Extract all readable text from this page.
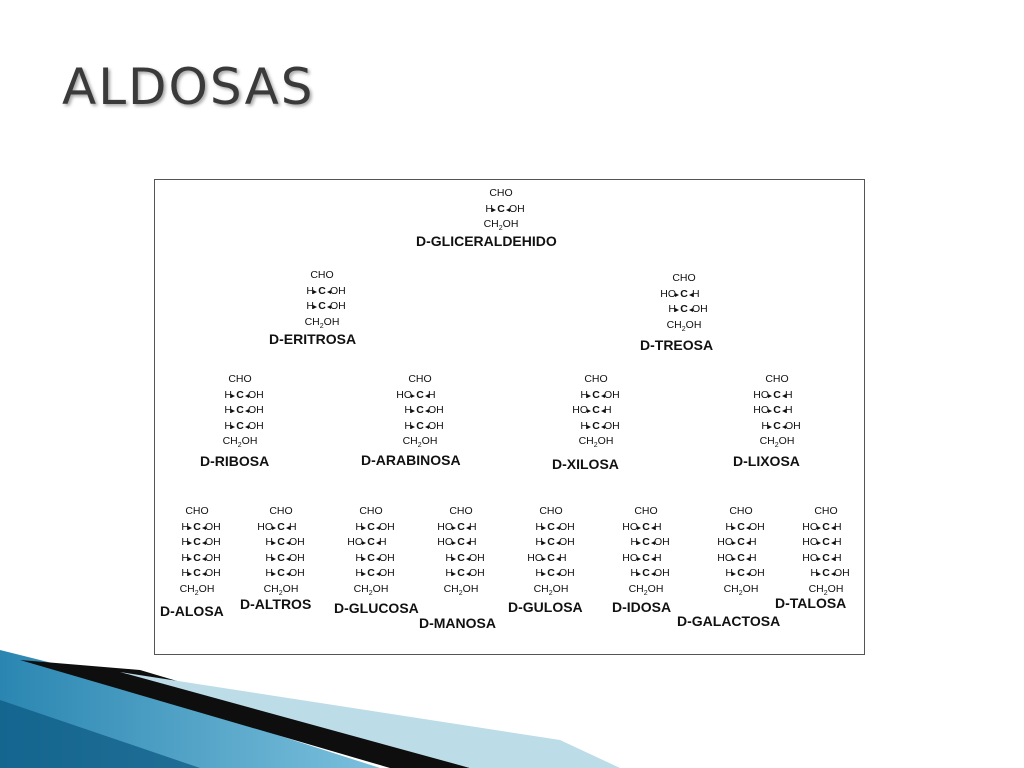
ALDOSAS
CHO
H C OH
$CH_2OH$
D-GLICERALDEHIDO
CHO
H C OH
H C OH
$CH_2OH$
D-ERITROSA
CHO
HO C H
H C OH
$CH_2OH$
D-TREOSA
CHO
H C OH
H C OH
H C OH
$CH_2OH$
D-RIBOSA
CHO
HO C H
H C OH
H C OH
$CH_2OH$
D-ARABINOSA
CHO
H C OH
HO C H
H C OH
$CH_2OH$
D-XILOSA
CHO
HO C H
HO C H
H C OH
$CH_2OH$
D-LIXOSA
CHO
H C OH
H C OH
H C OH
H C OH
$CH_2OH$
D-ALOSA
CHO
HO C H
H C OH
H C OH
H C OH
$CH_2OH$
D-ALTROS
CHO
H C OH
HO C H
H C OH
H C OH
$CH_2OH$
D-GLUCOSA
CHO
HO C H
HO C H
H C OH
H C OH
$CH_2OH$
D-MANOSA
CHO
H C OH
H C OH
HO C H
H C OH
$CH_2OH$
D-GULOSA
CHO
HO C H
H C OH
HO C H
H C OH
$CH_2OH$
D-IDOSA
CHO
H C OH
HO C H
HO C H
H C OH
$CH_2OH$
D-GALACTOSA
CHO
HO C H
HO C H
HO C H
H C OH
$CH_2OH$
D-TALOSA
